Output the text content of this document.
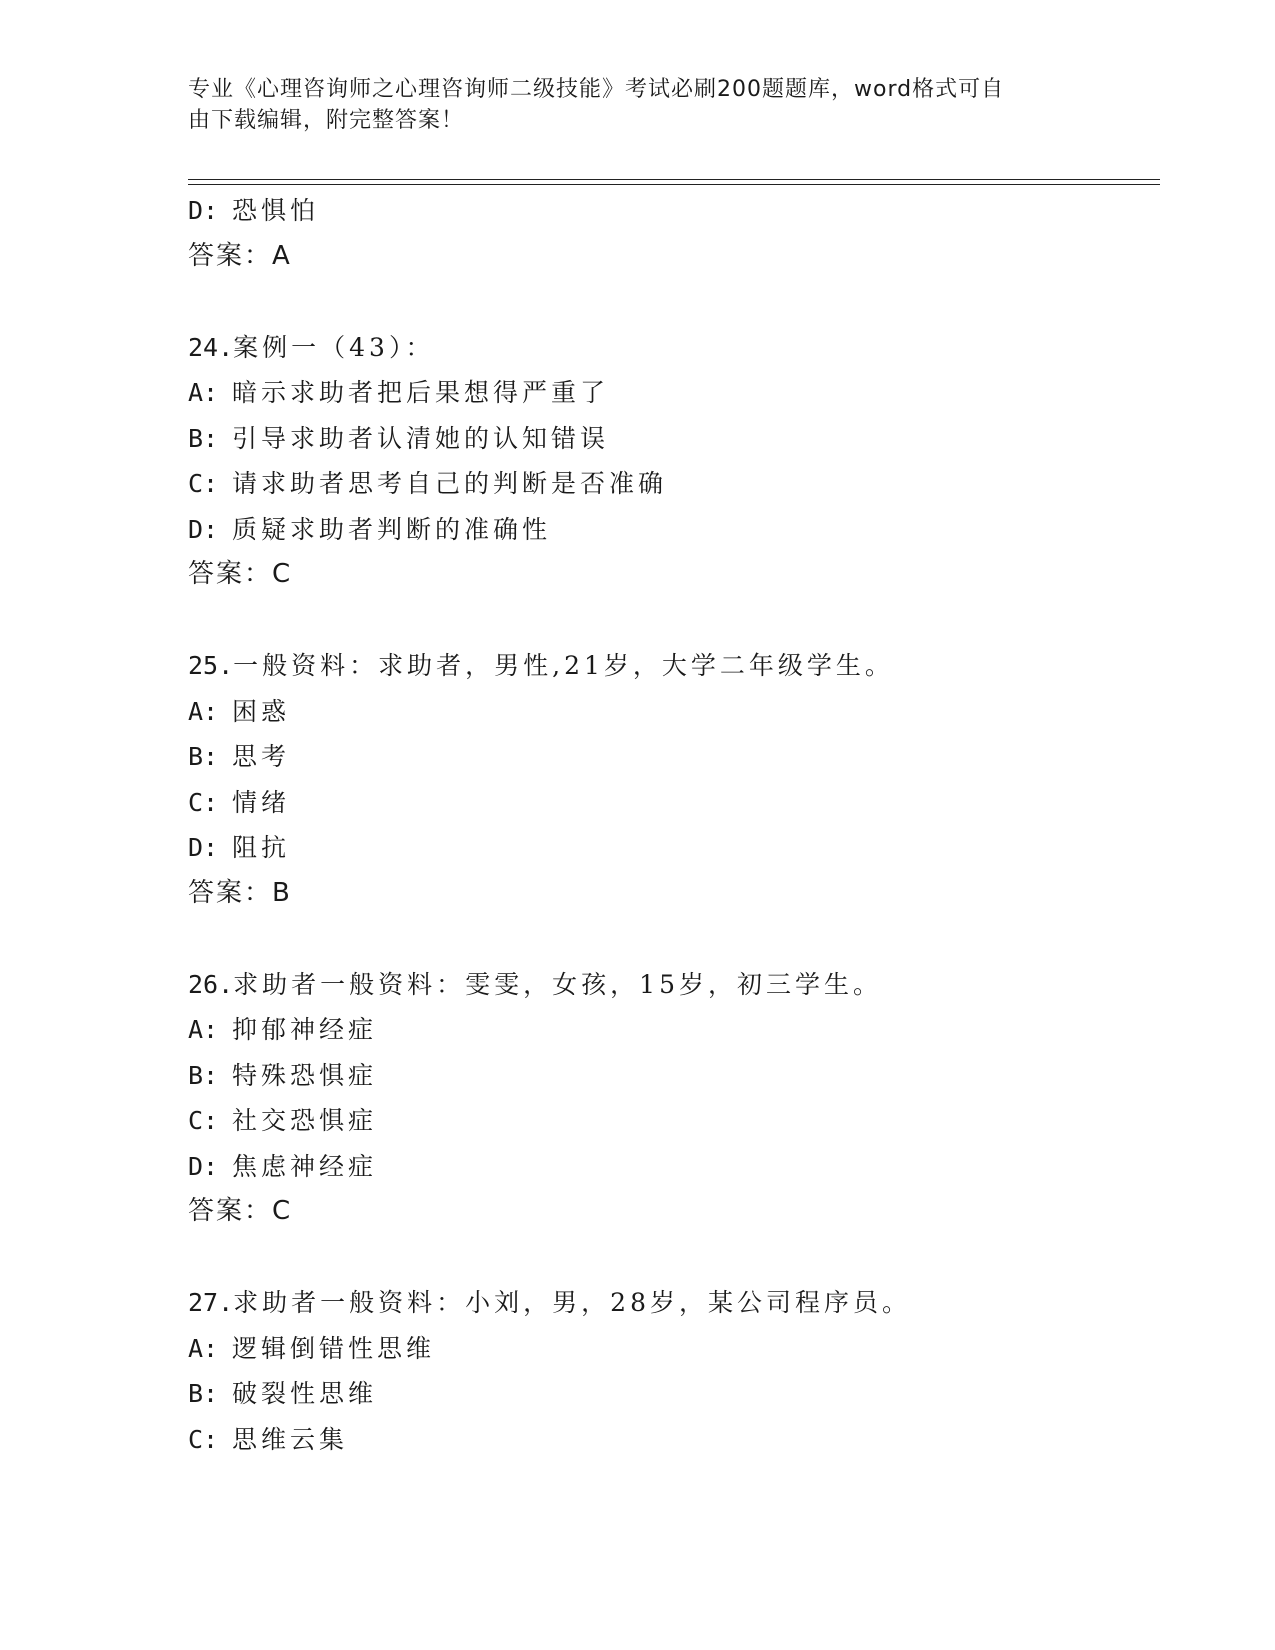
专业《心理咨询师之心理咨询师二级技能》考试必刷200题题库，word格式可自
由下载编辑，附完整答案！
D: 恐惧怕
答案：A
24.案例一（43）：
A: 暗示求助者把后果想得严重了
B: 引导求助者认清她的认知错误
C: 请求助者思考自己的判断是否准确
D: 质疑求助者判断的准确性
答案：C
25.一般资料：求助者，男性,21岁，大学二年级学生。
A: 困惑
B: 思考
C: 情绪
D: 阻抗
答案：B
26.求助者一般资料：雯雯，女孩，15岁，初三学生。
A: 抑郁神经症
B: 特殊恐惧症
C: 社交恐惧症
D: 焦虑神经症
答案：C
27.求助者一般资料：小刘，男，28岁，某公司程序员。
A: 逻辑倒错性思维
B: 破裂性思维
C: 思维云集
